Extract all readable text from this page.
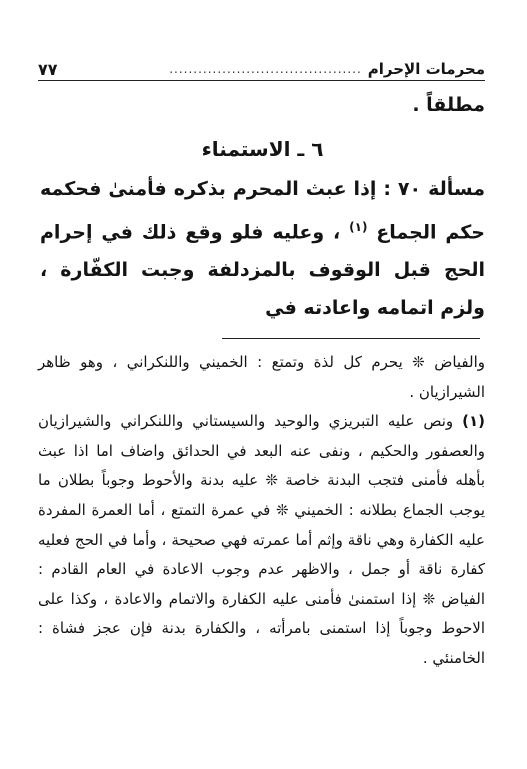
محرمات الإحرام
........................................
٧٧

مطلقاً .

٦ ـ الاستمناء

مسألة ٧٠ : إذا عبث المحرم بذكره فأمنىٰ فحكمه حكم الجماع $^{(١)}$ ، وعليه فلو وقع ذلك في إحرام الحج قبل الوقوف بالمزدلفة وجبت الكفّارة ، ولزم اتمامه واعادته في

والفياض ❊ يحرم كل لذة وتمتع : الخميني واللنكراني ، وهو ظاهر الشيرازيان .

(١) ونص عليه التبريزي والوحيد والسيستاني واللنكراني والشيرازيان والعصفور والحكيم ، ونفى عنه البعد في الحدائق واضاف اما اذا عبث بأهله فأمنى فتجب البدنة خاصة ❊ عليه بدنة والأحوط وجوباً بطلان ما يوجب الجماع بطلانه : الخميني ❊ في عمرة التمتع ، أما العمرة المفردة عليه الكفارة وهي ناقة وإثم أما عمرته فهي صحيحة ، وأما في الحج فعليه كفارة ناقة أو جمل ، والاظهر عدم وجوب الاعادة في العام القادم : الفياض ❊ إذا استمنىٰ فأمنى عليه الكفارة والاتمام والاعادة ، وكذا على الاحوط وجوباً إذا استمنى بامرأته ، والكفارة بدنة فإن عجز فشاة : الخامنئي .
